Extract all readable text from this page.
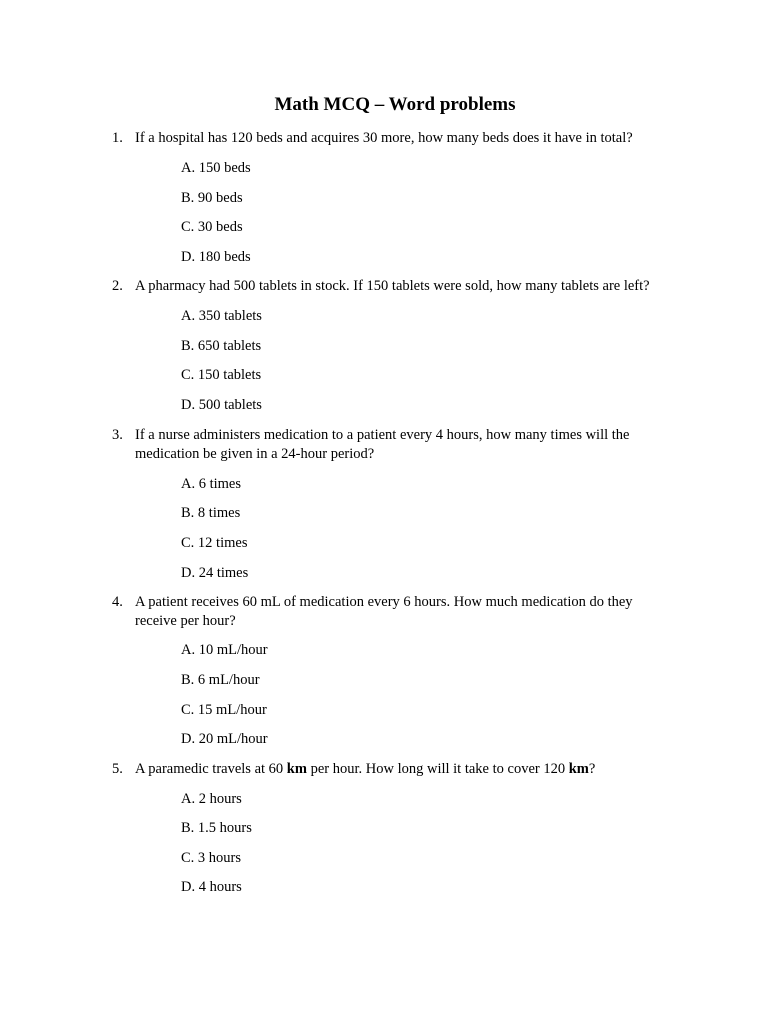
Math MCQ – Word problems
1. If a hospital has 120 beds and acquires 30 more, how many beds does it have in total?
A. 150 beds
B. 90 beds
C. 30 beds
D. 180 beds
2. A pharmacy had 500 tablets in stock. If 150 tablets were sold, how many tablets are left?
A. 350 tablets
B. 650 tablets
C. 150 tablets
D. 500 tablets
3. If a nurse administers medication to a patient every 4 hours, how many times will the
medication be given in a 24-hour period?
A. 6 times
B. 8 times
C. 12 times
D. 24 times
4. A patient receives 60 mL of medication every 6 hours. How much medication do they
receive per hour?
A. 10 mL/hour
B. 6 mL/hour
C. 15 mL/hour
D. 20 mL/hour
5. A paramedic travels at 60 km per hour. How long will it take to cover 120 km?
A. 2 hours
B. 1.5 hours
C. 3 hours
D. 4 hours
